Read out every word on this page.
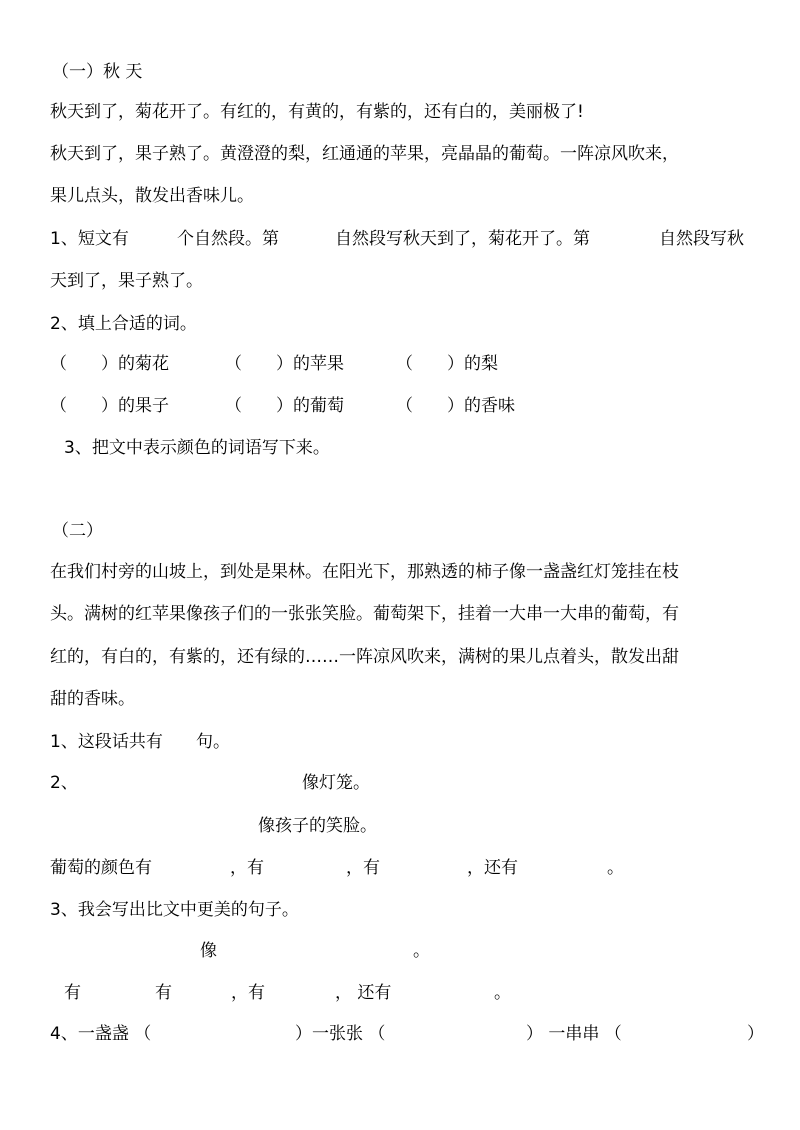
（一）秋 天
秋天到了，菊花开了。有红的，有黄的，有紫的，还有白的，美丽极了!
秋天到了，果子熟了。黄澄澄的梨，红通通的苹果，亮晶晶的葡萄。一阵凉风吹来，
果儿点头，散发出香味儿。
1、短文有	个自然段。第	自然段写秋天到了，菊花开了。第	自然段写秋
天到了，果子熟了。
2、填上合适的词。
（　　）的菊花	（　　）的苹果	（　　）的梨
（　　）的果子	（　　）的葡萄	（　　）的香味
3、把文中表示颜色的词语写下来。
（二）
在我们村旁的山坡上，到处是果林。在阳光下，那熟透的柿子像一盏盏红灯笼挂在枝
头。满树的红苹果像孩子们的一张张笑脸。葡萄架下，挂着一大串一大串的葡萄，有
红的，有白的，有紫的，还有绿的……一阵凉风吹来，满树的果儿点着头，散发出甜
甜的香味。
1、这段话共有 句。
2、	像灯笼。
像孩子的笑脸。
葡萄的颜色有	，有	，有	，还有	。
3、我会写出比文中更美的句子。
像	。
有	有	，有	， 还有	。
4、一盏盏 （	）一张张 （	） 一串串 （	）
